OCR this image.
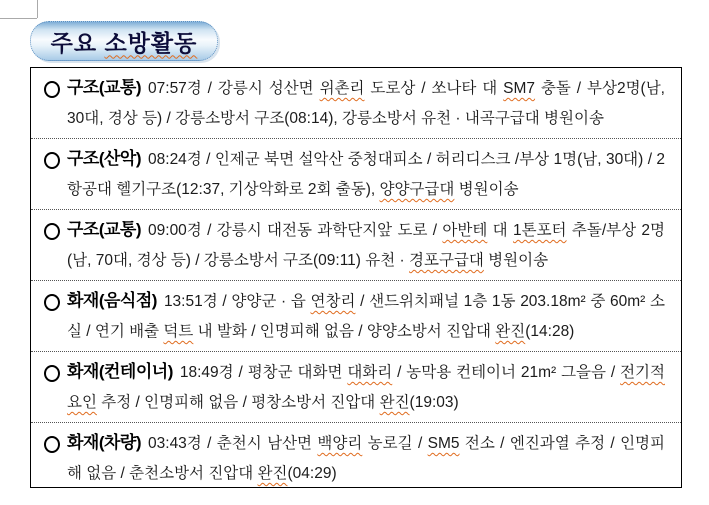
주요 소방활동
구조(교통) 07:57경 / 강릉시 성산면 위촌리 도로상 / 쏘나타 대 SM7 충돌 / 부상2명(남, 30대, 경상 등) / 강릉소방서 구조(08:14), 강릉소방서 유천 · 내곡구급대 병원이송
구조(산악) 08:24경 / 인제군 북면 설악산 중청대피소 / 허리디스크 /부상 1명(남, 30대) / 2항공대 헬기구조(12:37, 기상악화로 2회 출동), 양양구급대 병원이송
구조(교통) 09:00경 / 강릉시 대전동 과학단지앞 도로 / 아반테 대 1톤포터 추돌/부상 2명(남, 70대, 경상 등) / 강릉소방서 구조(09:11) 유천 · 경포구급대 병원이송
화재(음식점) 13:51경 / 양양군 · 읍 연창리 / 샌드위치패널 1층 1동 203.18m² 중 60m² 소실 / 연기 배출 덕트 내 발화 / 인명피해 없음 / 양양소방서 진압대 완진(14:28)
화재(컨테이너) 18:49경 / 평창군 대화면 대화리 / 농막용 컨테이너 21m² 그을음 / 전기적요인 추정 / 인명피해 없음 / 평창소방서 진압대 완진(19:03)
화재(차량) 03:43경 / 춘천시 남산면 백양리 농로길 / SM5 전소 / 엔진과열 추정 / 인명피해 없음 / 춘천소방서 진압대 완진(04:29)
